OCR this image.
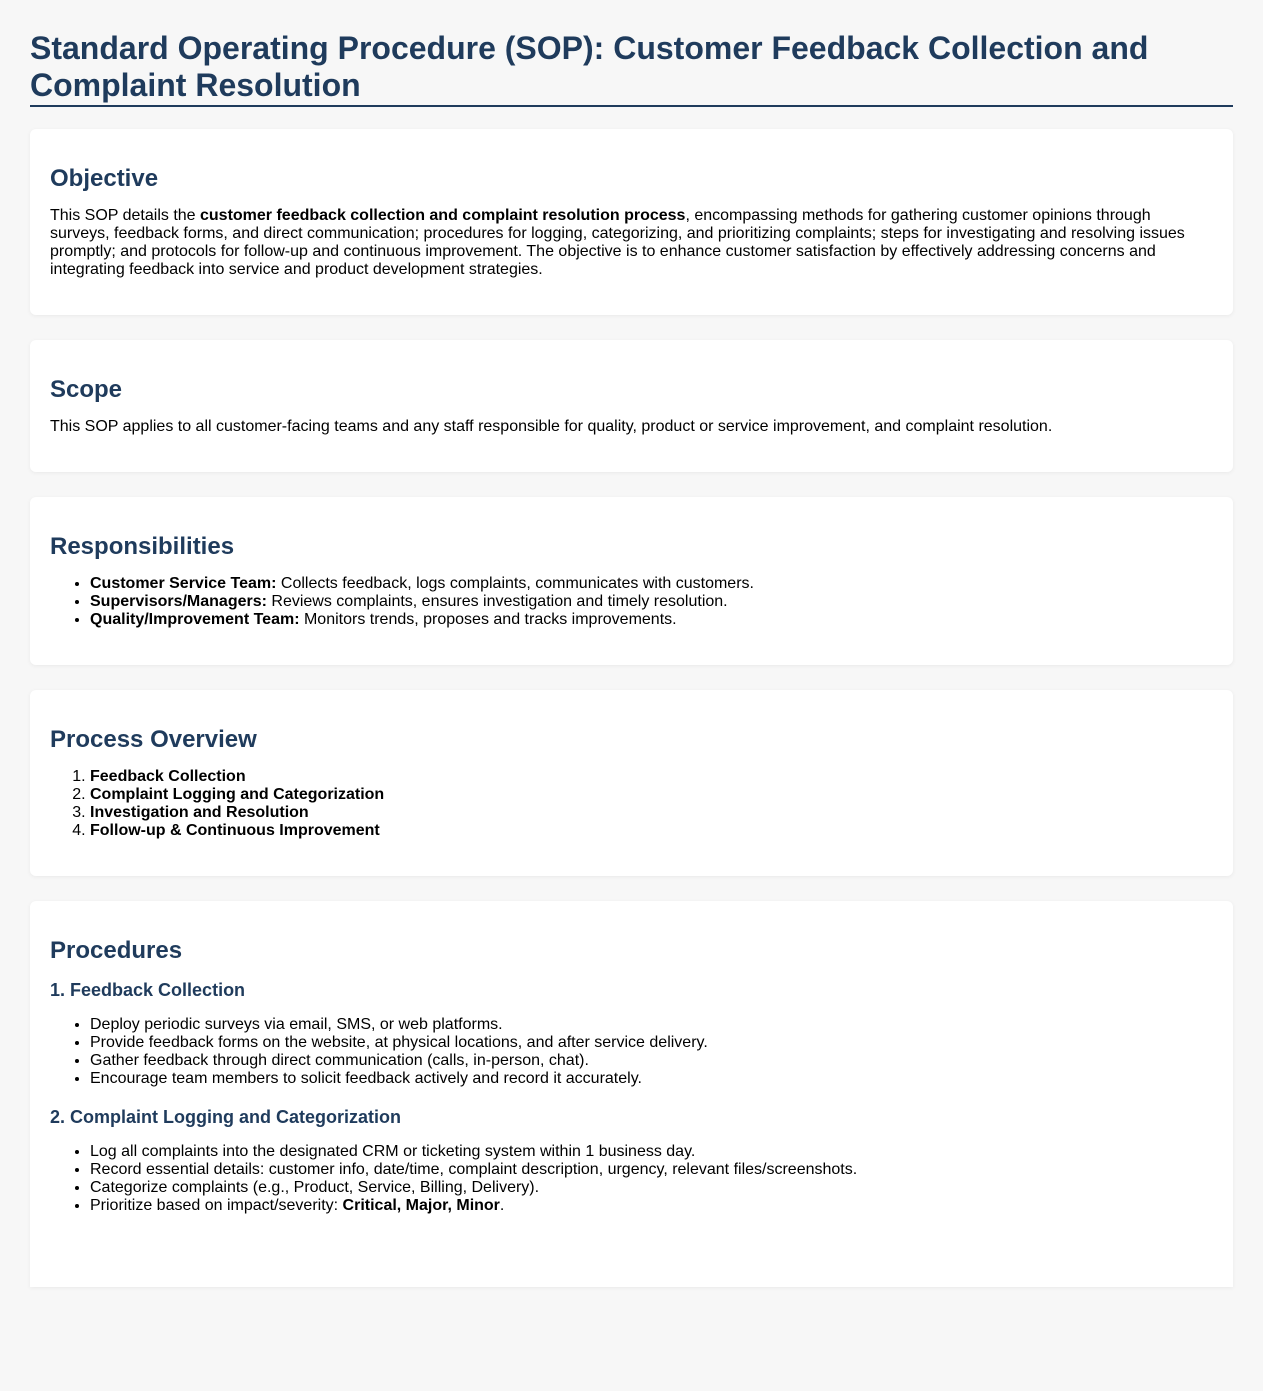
Standard Operating Procedure (SOP): Customer Feedback Collection and Complaint Resolution
Objective

This SOP details the customer feedback collection and complaint resolution process, encompassing methods for gathering customer opinions through surveys, feedback forms, and direct communication; procedures for logging, categorizing, and prioritizing complaints; steps for investigating and resolving issues promptly; and protocols for follow-up and continuous improvement. The objective is to enhance customer satisfaction by effectively addressing concerns and integrating feedback into service and product development strategies.

Scope

This SOP applies to all customer-facing teams and any staff responsible for quality, product or service improvement, and complaint resolution.

Responsibilities
• Customer Service Team: Collects feedback, logs complaints, communicates with customers.
• Supervisors/Managers: Reviews complaints, ensures investigation and timely resolution.
• Quality/Improvement Team: Monitors trends, proposes and tracks improvements.
Process Overview
1. Feedback Collection
2. Complaint Logging and Categorization
3. Investigation and Resolution
4. Follow-up & Continuous Improvement
Procedures
1. Feedback Collection
• Deploy periodic surveys via email, SMS, or web platforms.
• Provide feedback forms on the website, at physical locations, and after service delivery.
• Gather feedback through direct communication (calls, in-person, chat).
• Encourage team members to solicit feedback actively and record it accurately.
2. Complaint Logging and Categorization
• Log all complaints into the designated CRM or ticketing system within 1 business day.
• Record essential details: customer info, date/time, complaint description, urgency, relevant files/screenshots.
• Categorize complaints (e.g., Product, Service, Billing, Delivery).
• Prioritize based on impact/severity: Critical, Major, Minor.
